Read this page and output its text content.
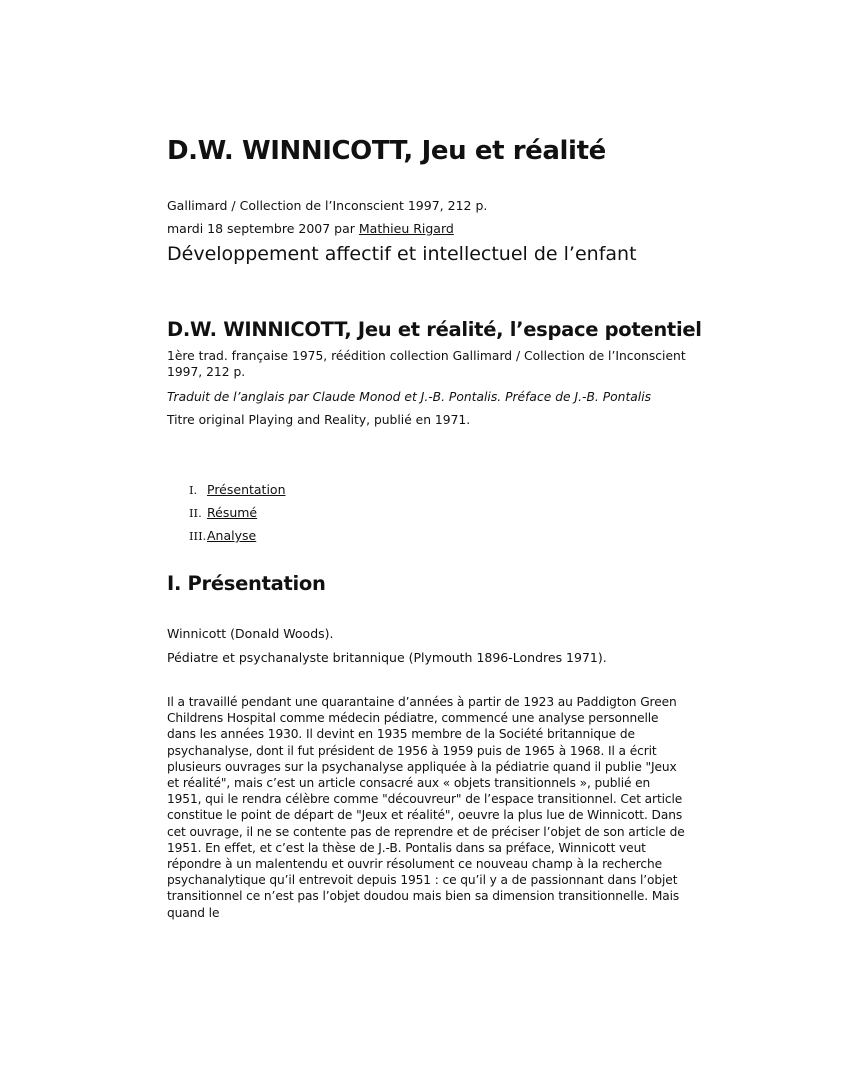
D.W. WINNICOTT, Jeu et réalité
Gallimard / Collection de l’Inconscient 1997, 212 p.
mardi 18 septembre 2007 par Mathieu Rigard
Développement affectif et intellectuel de l’enfant
D.W. WINNICOTT, Jeu et réalité, l’espace potentiel
1ère trad. française 1975, réédition collection Gallimard / Collection de l’Inconscient 1997, 212 p.
Traduit de l’anglais par Claude Monod et J.-B. Pontalis. Préface de J.-B. Pontalis
Titre original Playing and Reality, publié en 1971.
I. Présentation
II. Résumé
III.Analyse
I. Présentation
Winnicott (Donald Woods).
Pédiatre et psychanalyste britannique (Plymouth 1896-Londres 1971).

Il a travaillé pendant une quarantaine d’années à partir de 1923 au Paddigton Green Childrens Hospital comme médecin pédiatre, commencé une analyse personnelle dans les années 1930. Il devint en 1935 membre de la Société britannique de psychanalyse, dont il fut président de 1956 à 1959 puis de 1965 à 1968. Il a écrit plusieurs ouvrages sur la psychanalyse appliquée à la pédiatrie quand il publie "Jeux et réalité", mais c’est un article consacré aux « objets transitionnels », publié en 1951, qui le rendra célèbre comme "découvreur" de l’espace transitionnel. Cet article constitue le point de départ de "Jeux et réalité", oeuvre la plus lue de Winnicott. Dans cet ouvrage, il ne se contente pas de reprendre et de préciser l’objet de son article de 1951. En effet, et c’est la thèse de J.-B. Pontalis dans sa préface, Winnicott veut répondre à un malentendu et ouvrir résolument ce nouveau champ à la recherche psychanalytique qu’il entrevoit depuis 1951 : ce qu’il y a de passionnant dans l’objet transitionnel ce n’est pas l’objet doudou mais bien sa dimension transitionnelle. Mais quand le
